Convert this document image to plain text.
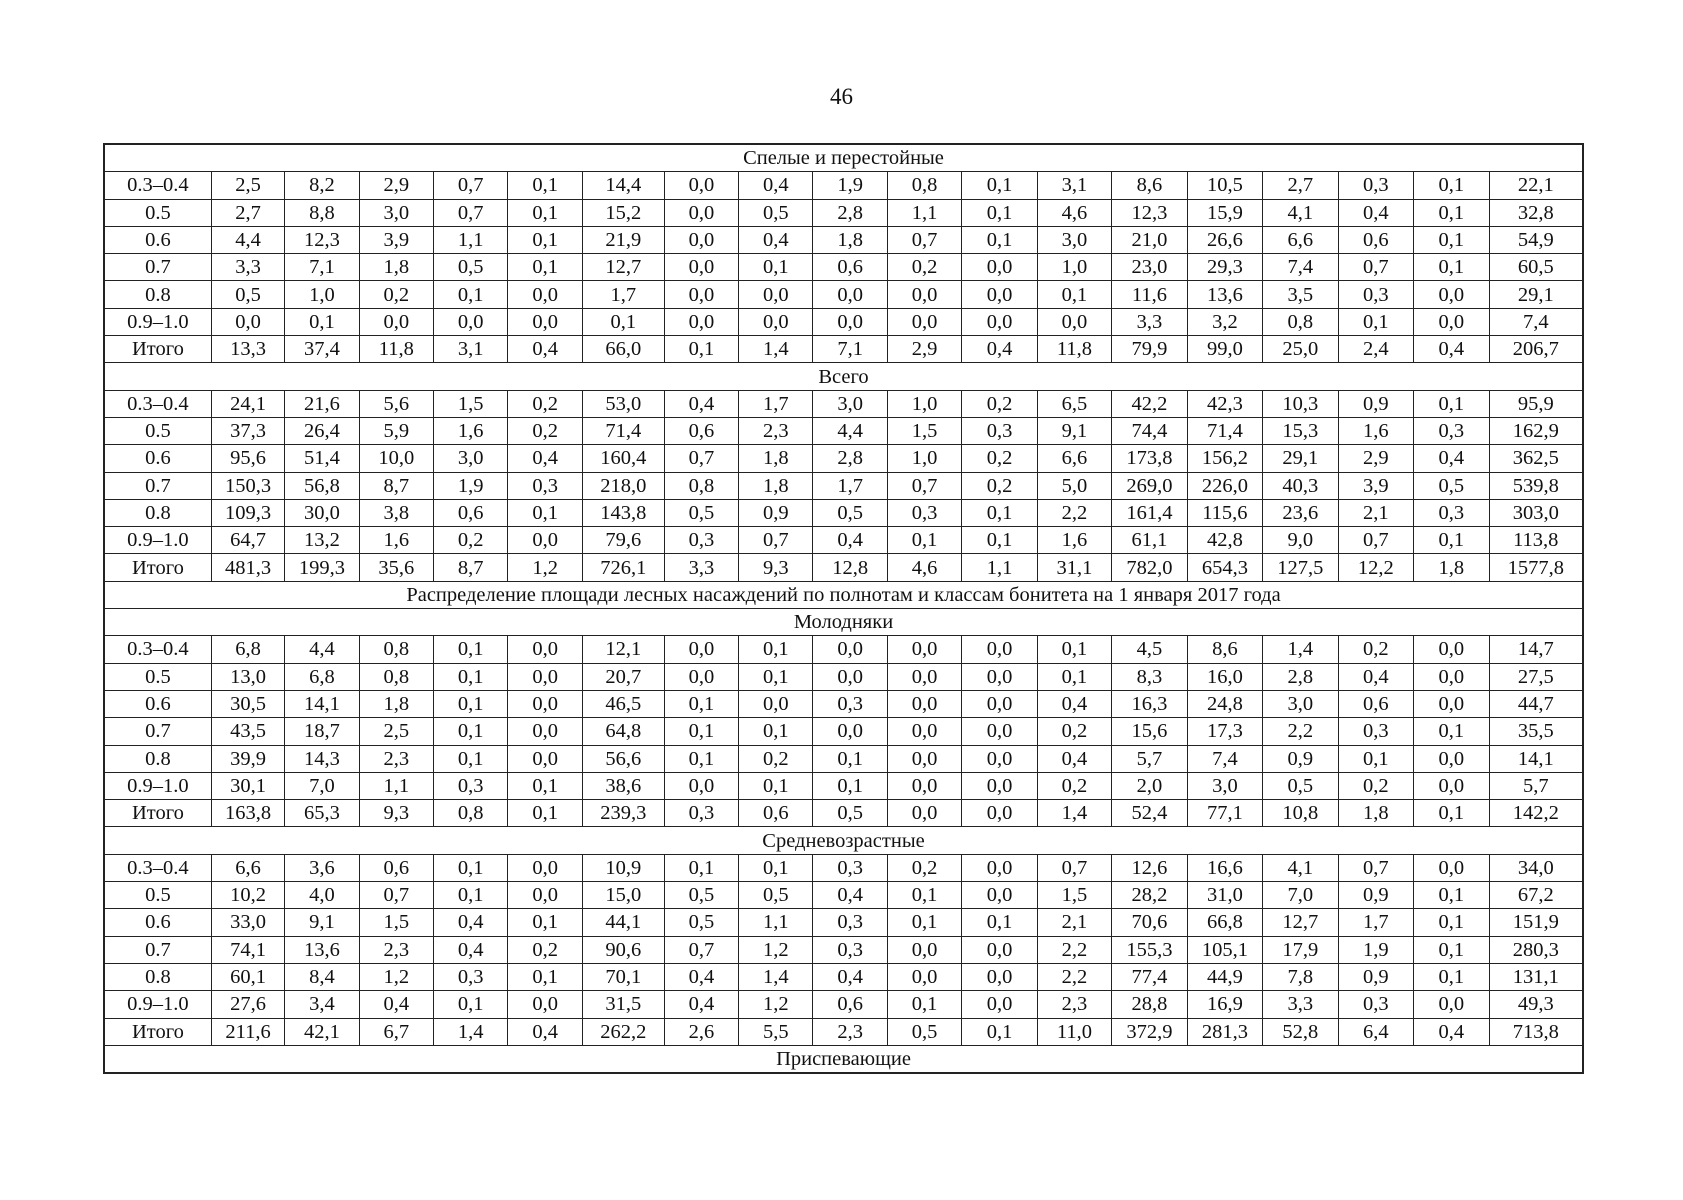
46
Спелые и перестойные																		
0.3–0.4	2,5	8,2	2,9	0,7	0,1	14,4	0,0	0,4	1,9	0,8	0,1	3,1	8,6	10,5	2,7	0,3	0,1	22,1
0.5	2,7	8,8	3,0	0,7	0,1	15,2	0,0	0,5	2,8	1,1	0,1	4,6	12,3	15,9	4,1	0,4	0,1	32,8
0.6	4,4	12,3	3,9	1,1	0,1	21,9	0,0	0,4	1,8	0,7	0,1	3,0	21,0	26,6	6,6	0,6	0,1	54,9
0.7	3,3	7,1	1,8	0,5	0,1	12,7	0,0	0,1	0,6	0,2	0,0	1,0	23,0	29,3	7,4	0,7	0,1	60,5
0.8	0,5	1,0	0,2	0,1	0,0	1,7	0,0	0,0	0,0	0,0	0,0	0,1	11,6	13,6	3,5	0,3	0,0	29,1
0.9–1.0	0,0	0,1	0,0	0,0	0,0	0,1	0,0	0,0	0,0	0,0	0,0	0,0	3,3	3,2	0,8	0,1	0,0	7,4
Итого	13,3	37,4	11,8	3,1	0,4	66,0	0,1	1,4	7,1	2,9	0,4	11,8	79,9	99,0	25,0	2,4	0,4	206,7
Всего																		
0.3–0.4	24,1	21,6	5,6	1,5	0,2	53,0	0,4	1,7	3,0	1,0	0,2	6,5	42,2	42,3	10,3	0,9	0,1	95,9
0.5	37,3	26,4	5,9	1,6	0,2	71,4	0,6	2,3	4,4	1,5	0,3	9,1	74,4	71,4	15,3	1,6	0,3	162,9
0.6	95,6	51,4	10,0	3,0	0,4	160,4	0,7	1,8	2,8	1,0	0,2	6,6	173,8	156,2	29,1	2,9	0,4	362,5
0.7	150,3	56,8	8,7	1,9	0,3	218,0	0,8	1,8	1,7	0,7	0,2	5,0	269,0	226,0	40,3	3,9	0,5	539,8
0.8	109,3	30,0	3,8	0,6	0,1	143,8	0,5	0,9	0,5	0,3	0,1	2,2	161,4	115,6	23,6	2,1	0,3	303,0
0.9–1.0	64,7	13,2	1,6	0,2	0,0	79,6	0,3	0,7	0,4	0,1	0,1	1,6	61,1	42,8	9,0	0,7	0,1	113,8
Итого	481,3	199,3	35,6	8,7	1,2	726,1	3,3	9,3	12,8	4,6	1,1	31,1	782,0	654,3	127,5	12,2	1,8	1577,8
Распределение площади лесных насаждений по полнотам и классам бонитета на 1 января 2017 года																		
Молодняки																		
0.3–0.4	6,8	4,4	0,8	0,1	0,0	12,1	0,0	0,1	0,0	0,0	0,0	0,1	4,5	8,6	1,4	0,2	0,0	14,7
0.5	13,0	6,8	0,8	0,1	0,0	20,7	0,0	0,1	0,0	0,0	0,0	0,1	8,3	16,0	2,8	0,4	0,0	27,5
0.6	30,5	14,1	1,8	0,1	0,0	46,5	0,1	0,0	0,3	0,0	0,0	0,4	16,3	24,8	3,0	0,6	0,0	44,7
0.7	43,5	18,7	2,5	0,1	0,0	64,8	0,1	0,1	0,0	0,0	0,0	0,2	15,6	17,3	2,2	0,3	0,1	35,5
0.8	39,9	14,3	2,3	0,1	0,0	56,6	0,1	0,2	0,1	0,0	0,0	0,4	5,7	7,4	0,9	0,1	0,0	14,1
0.9–1.0	30,1	7,0	1,1	0,3	0,1	38,6	0,0	0,1	0,1	0,0	0,0	0,2	2,0	3,0	0,5	0,2	0,0	5,7
Итого	163,8	65,3	9,3	0,8	0,1	239,3	0,3	0,6	0,5	0,0	0,0	1,4	52,4	77,1	10,8	1,8	0,1	142,2
Средневозрастные																		
0.3–0.4	6,6	3,6	0,6	0,1	0,0	10,9	0,1	0,1	0,3	0,2	0,0	0,7	12,6	16,6	4,1	0,7	0,0	34,0
0.5	10,2	4,0	0,7	0,1	0,0	15,0	0,5	0,5	0,4	0,1	0,0	1,5	28,2	31,0	7,0	0,9	0,1	67,2
0.6	33,0	9,1	1,5	0,4	0,1	44,1	0,5	1,1	0,3	0,1	0,1	2,1	70,6	66,8	12,7	1,7	0,1	151,9
0.7	74,1	13,6	2,3	0,4	0,2	90,6	0,7	1,2	0,3	0,0	0,0	2,2	155,3	105,1	17,9	1,9	0,1	280,3
0.8	60,1	8,4	1,2	0,3	0,1	70,1	0,4	1,4	0,4	0,0	0,0	2,2	77,4	44,9	7,8	0,9	0,1	131,1
0.9–1.0	27,6	3,4	0,4	0,1	0,0	31,5	0,4	1,2	0,6	0,1	0,0	2,3	28,8	16,9	3,3	0,3	0,0	49,3
Итого	211,6	42,1	6,7	1,4	0,4	262,2	2,6	5,5	2,3	0,5	0,1	11,0	372,9	281,3	52,8	6,4	0,4	713,8
Приспевающие																		
